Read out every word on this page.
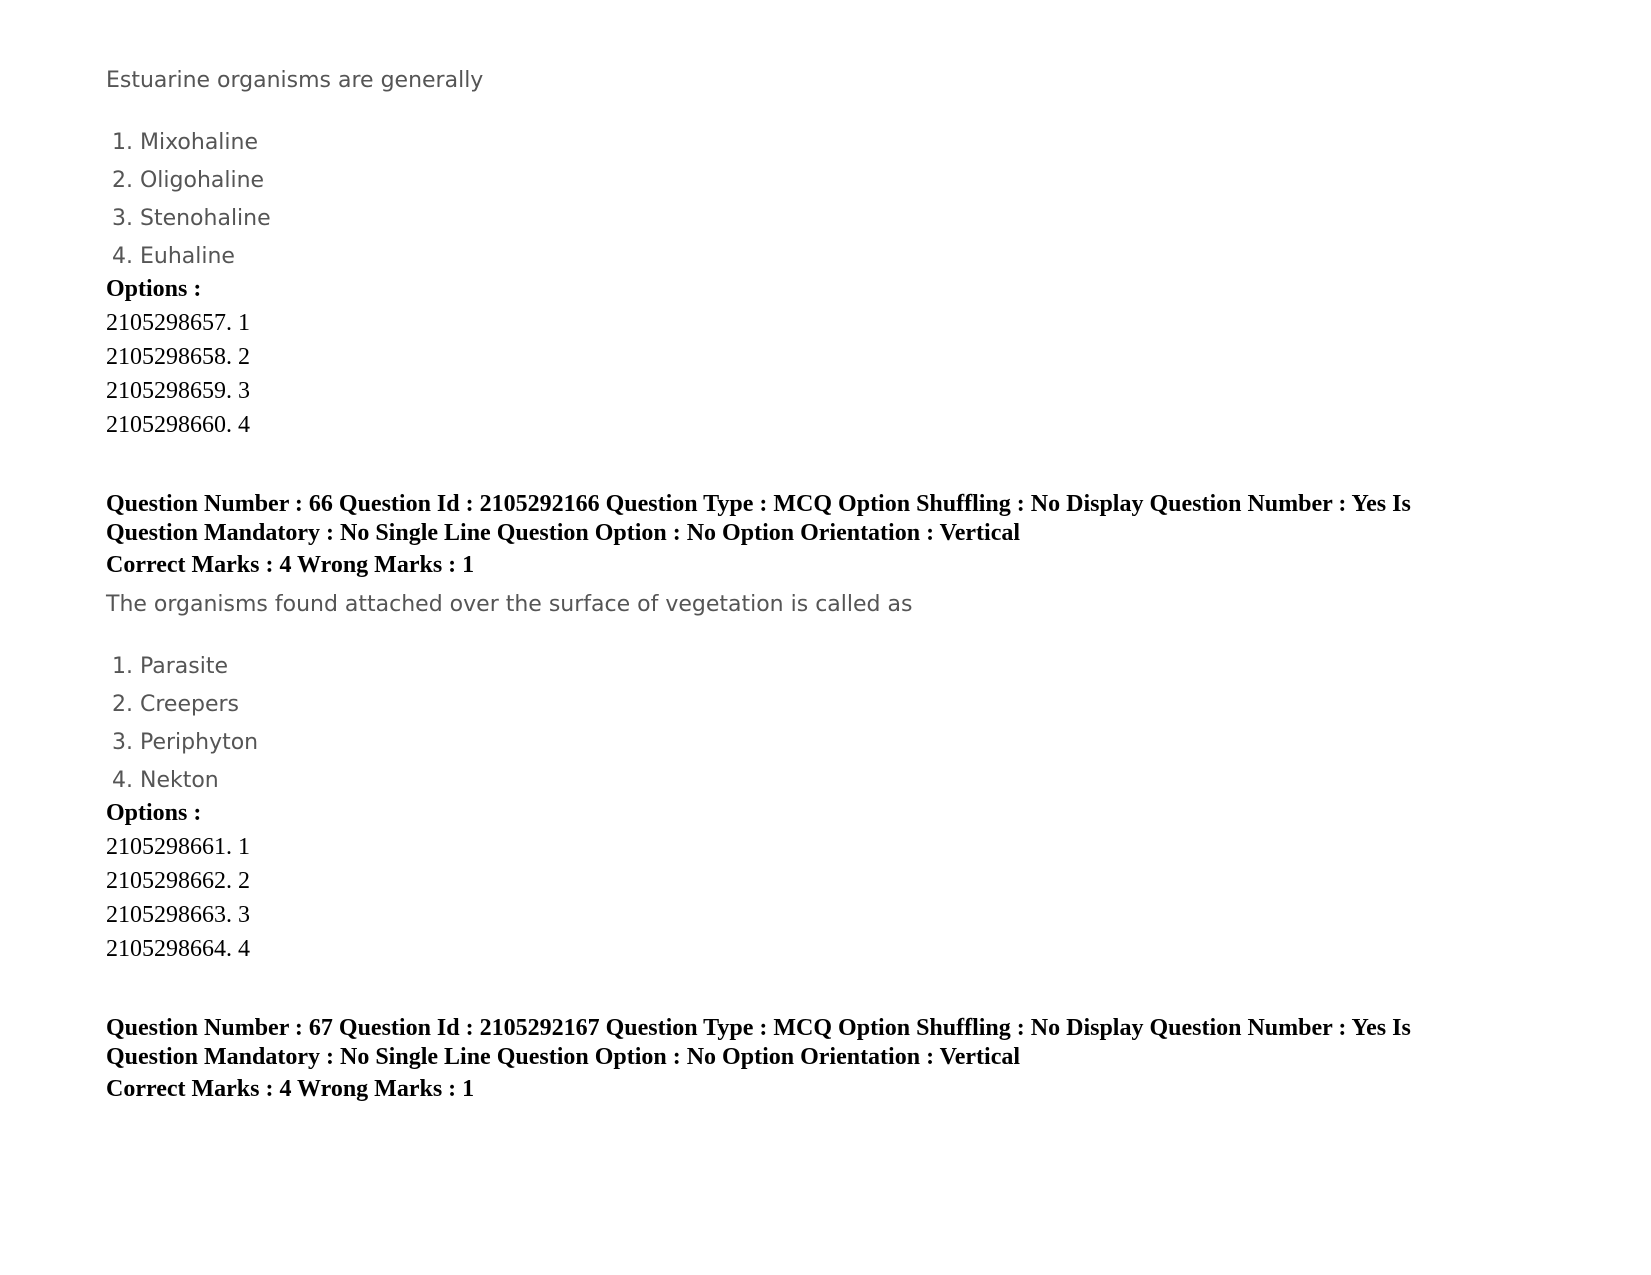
Estuarine organisms are generally

1. Mixohaline
2. Oligohaline
3. Stenohaline
4. Euhaline

Options :

2105298657. 1
2105298658. 2
2105298659. 3
2105298660. 4

Question Number : 66 Question Id : 2105292166 Question Type : MCQ Option Shuffling : No Display Question Number : Yes Is Question Mandatory : No Single Line Question Option : No Option Orientation : Vertical

Correct Marks : 4 Wrong Marks : 1

The organisms found attached over the surface of vegetation is called as

1. Parasite
2. Creepers
3. Periphyton
4. Nekton

Options :

2105298661. 1
2105298662. 2
2105298663. 3
2105298664. 4

Question Number : 67 Question Id : 2105292167 Question Type : MCQ Option Shuffling : No Display Question Number : Yes Is Question Mandatory : No Single Line Question Option : No Option Orientation : Vertical

Correct Marks : 4 Wrong Marks : 1
